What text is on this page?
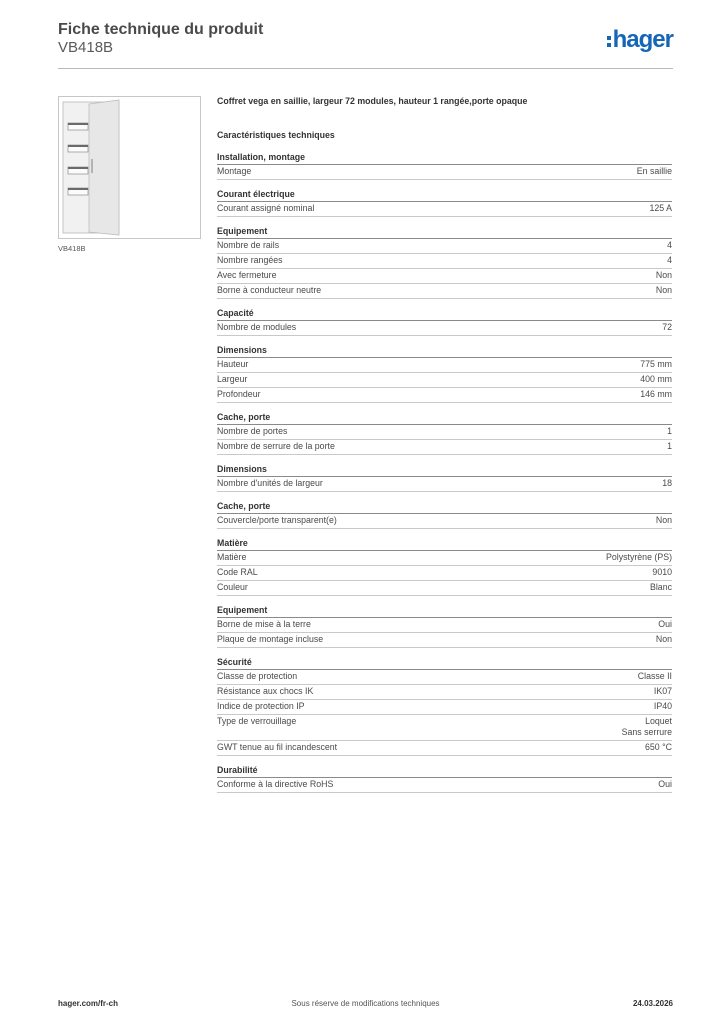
Fiche technique du produit
VB418B	hager
VB418B
Coffret vega en saillie, largeur 72 modules, hauteur 1 rangée,porte opaque
Caractéristiques techniques
Installation, montage
Montage	En saillie
Courant électrique
Courant assigné nominal	125 A
Equipement
Nombre de rails	4
Nombre rangées	4
Avec fermeture	Non
Borne à conducteur neutre	Non
Capacité
Nombre de modules	72
Dimensions
Hauteur	775 mm
Largeur	400 mm
Profondeur	146 mm
Cache, porte
Nombre de portes	1
Nombre de serrure de la porte	1
Dimensions
Nombre d'unités de largeur	18
Cache, porte
Couvercle/porte transparent(e)	Non
Matière
Matière	Polystyrène (PS)
Code RAL	9010
Couleur	Blanc
Equipement
Borne de mise à la terre	Oui
Plaque de montage incluse	Non
Sécurité
Classe de protection	Classe II
Résistance aux chocs IK	IK07
Indice de protection IP	IP40
Type de verrouillage	Loquet
Sans serrure
GWT tenue au fil incandescent	650 °C
Durabilité
Conforme à la directive RoHS	Oui
hager.com/fr-ch	Sous réserve de modifications techniques	24.03.2026
